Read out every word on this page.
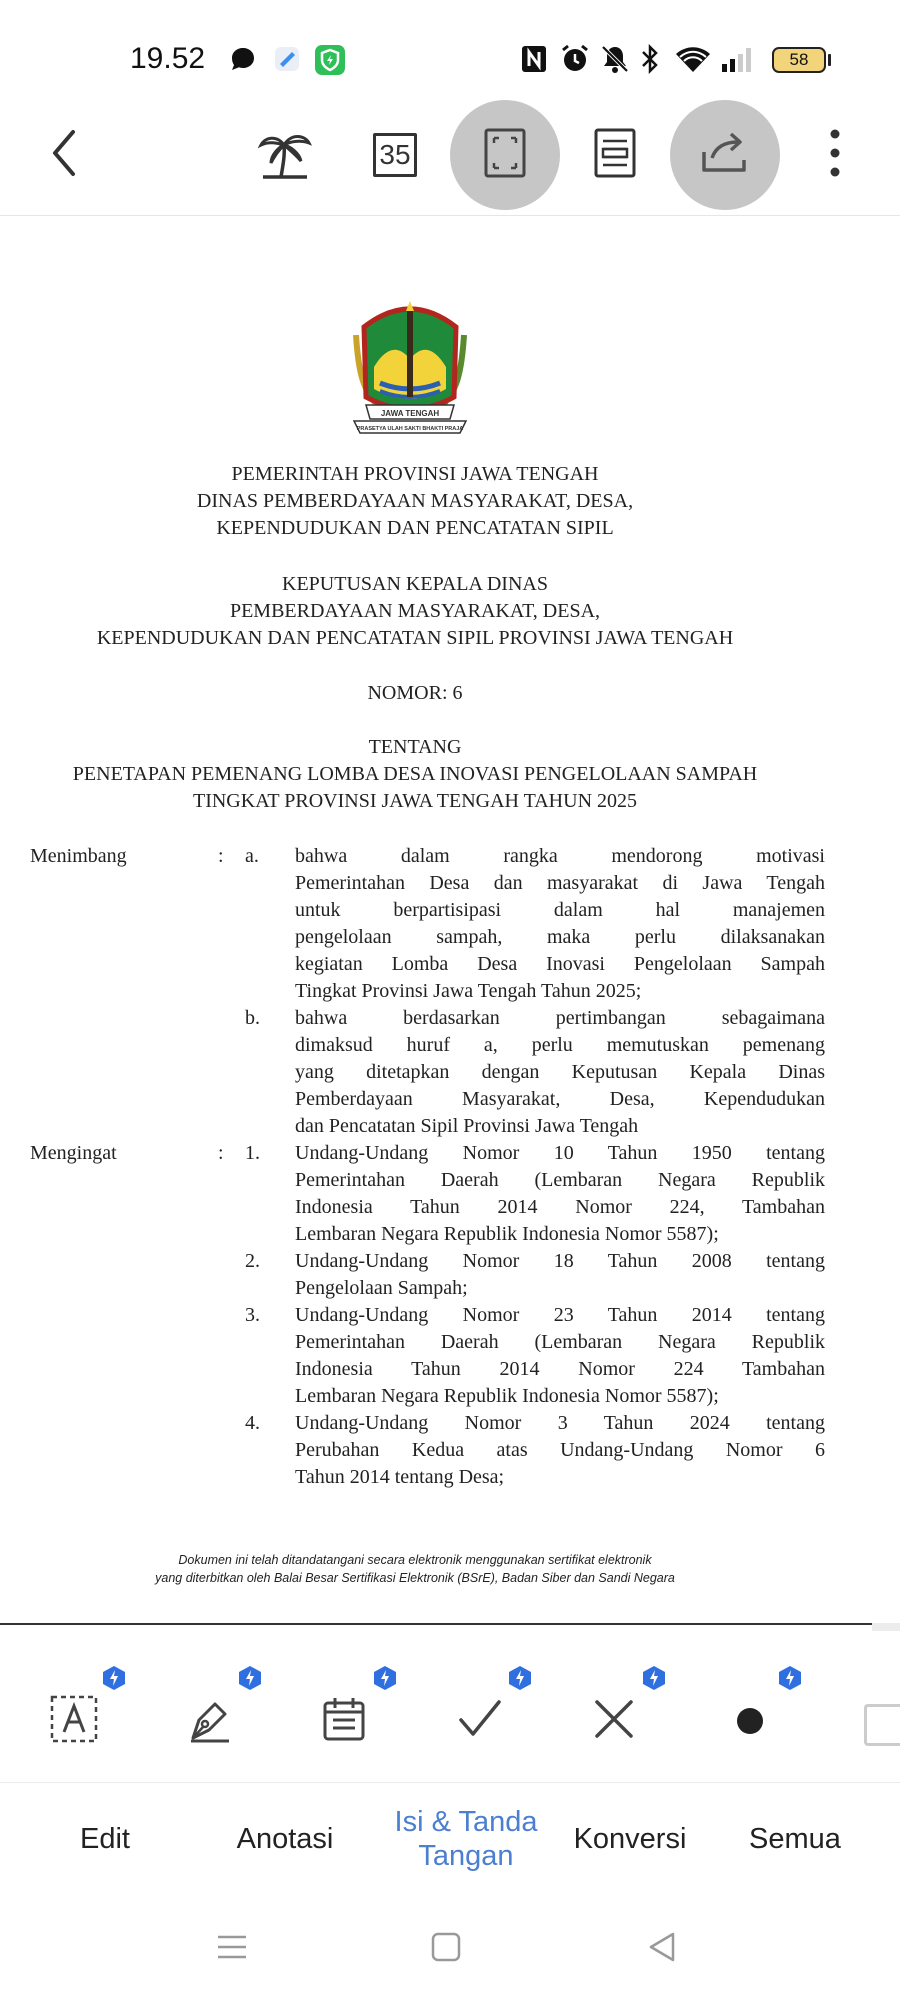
19.52	58
35
JAWA TENGAH
PRASETYA ULAH SAKTI BHAKTI PRAJA
PEMERINTAH PROVINSI JAWA TENGAH
DINAS PEMBERDAYAAN MASYARAKAT, DESA,
KEPENDUDUKAN DAN PENCATATAN SIPIL
KEPUTUSAN KEPALA DINAS
PEMBERDAYAAN MASYARAKAT, DESA,
KEPENDUDUKAN DAN PENCATATAN SIPIL PROVINSI JAWA TENGAH
NOMOR: 6
TENTANG
PENETAPAN PEMENANG LOMBA DESA INOVASI PENGELOLAAN SAMPAH
TINGKAT PROVINSI JAWA TENGAH TAHUN 2025
Menimbang	: a. bahwa dalam rangka mendorong motivasi
Pemerintahan Desa dan masyarakat di Jawa Tengah
untuk berpartisipasi dalam hal manajemen
pengelolaan sampah, maka perlu dilaksanakan
kegiatan Lomba Desa Inovasi Pengelolaan Sampah
Tingkat Provinsi Jawa Tengah Tahun 2025;
b. bahwa berdasarkan pertimbangan sebagaimana
dimaksud huruf a, perlu memutuskan pemenang
yang ditetapkan dengan Keputusan Kepala Dinas
Pemberdayaan Masyarakat, Desa, Kependudukan
dan Pencatatan Sipil Provinsi Jawa Tengah
Mengingat	: 1. Undang-Undang Nomor 10 Tahun 1950 tentang
Pemerintahan Daerah (Lembaran Negara Republik
Indonesia Tahun 2014 Nomor 224, Tambahan
Lembaran Negara Republik Indonesia Nomor 5587);
2. Undang-Undang Nomor 18 Tahun 2008 tentang
Pengelolaan Sampah;
3. Undang-Undang Nomor 23 Tahun 2014 tentang
Pemerintahan Daerah (Lembaran Negara Republik
Indonesia Tahun 2014 Nomor 224 Tambahan
Lembaran Negara Republik Indonesia Nomor 5587);
4. Undang-Undang Nomor 3 Tahun 2024 tentang
Perubahan Kedua atas Undang-Undang Nomor 6
Tahun 2014 tentang Desa;
Dokumen ini telah ditandatangani secara elektronik menggunakan sertifikat elektronik
yang diterbitkan oleh Balai Besar Sertifikasi Elektronik (BSrE), Badan Siber dan Sandi Negara
Edit	Anotasi
Isi & Tanda Tangan
Konversi	Semua
